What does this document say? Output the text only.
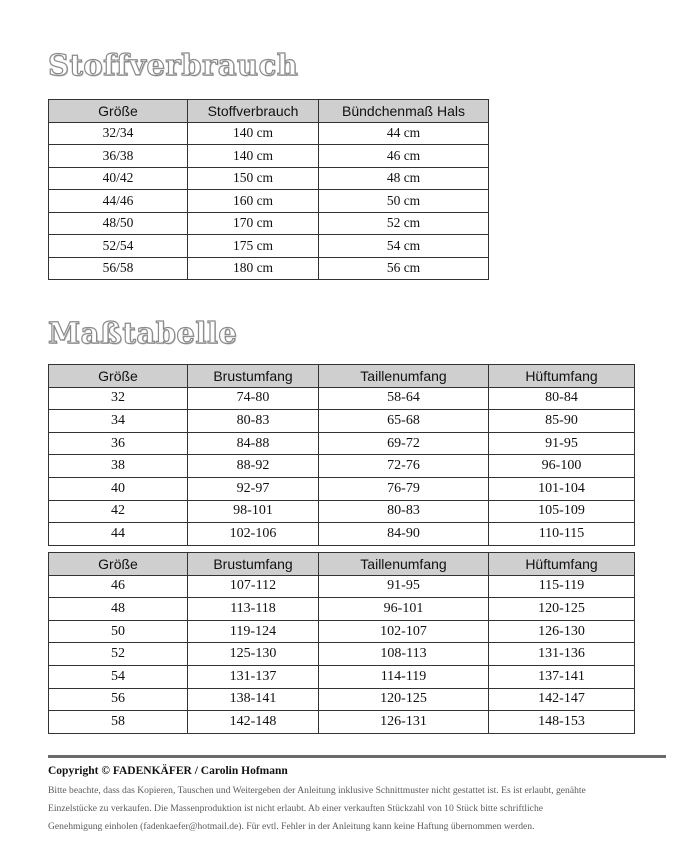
Stoffverbrauch
Größe	Stoffverbrauch	Bündchenmaß Hals
32/34	140 cm	44 cm
36/38	140 cm	46 cm
40/42	150 cm	48 cm
44/46	160 cm	50 cm
48/50	170 cm	52 cm
52/54	175 cm	54 cm
56/58	180 cm	56 cm
Maßtabelle
Größe	Brustumfang	Taillenumfang	Hüftumfang
32	74-80	58-64	80-84
34	80-83	65-68	85-90
36	84-88	69-72	91-95
38	88-92	72-76	96-100
40	92-97	76-79	101-104
42	98-101	80-83	105-109
44	102-106	84-90	110-115
Größe	Brustumfang	Taillenumfang	Hüftumfang
46	107-112	91-95	115-119
48	113-118	96-101	120-125
50	119-124	102-107	126-130
52	125-130	108-113	131-136
54	131-137	114-119	137-141
56	138-141	120-125	142-147
58	142-148	126-131	148-153
Copyright © FADENKÄFER / Carolin Hofmann
Bitte beachte, dass das Kopieren, Tauschen und Weitergeben der Anleitung inklusive Schnittmuster nicht gestattet ist. Es ist erlaubt, genähte
Einzelstücke zu verkaufen. Die Massenproduktion ist nicht erlaubt. Ab einer verkauften Stückzahl von 10 Stück bitte schriftliche
Genehmigung einholen (fadenkaefer@hotmail.de). Für evtl. Fehler in der Anleitung kann keine Haftung übernommen werden.
